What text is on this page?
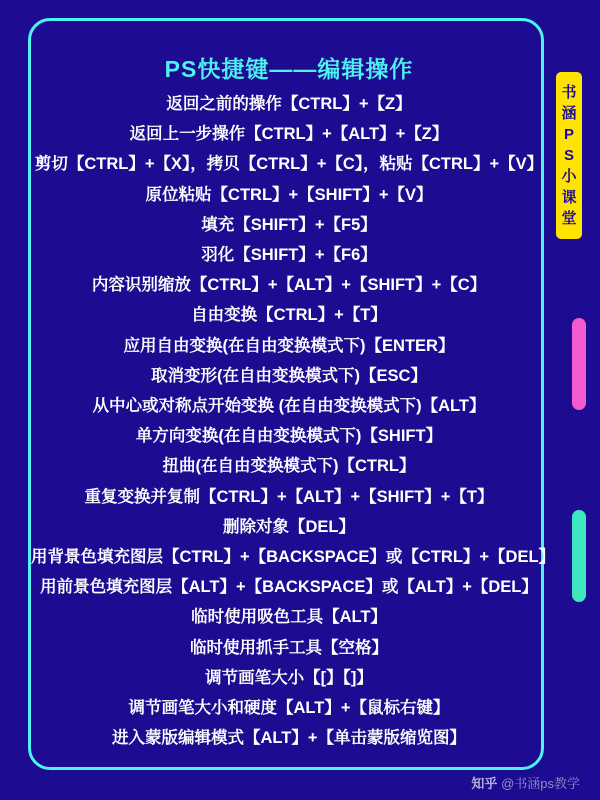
PS快捷键——编辑操作
返回之前的操作【CTRL】+【Z】
返回上一步操作【CTRL】+【ALT】+【Z】
剪切【CTRL】+【X】，拷贝【CTRL】+【C】，粘贴【CTRL】+【V】
原位粘贴【CTRL】+【SHIFT】+【V】
填充【SHIFT】+【F5】
羽化【SHIFT】+【F6】
内容识别缩放【CTRL】+【ALT】+【SHIFT】+【C】
自由变换【CTRL】+【T】
应用自由变换(在自由变换模式下)【ENTER】
取消变形(在自由变换模式下)【ESC】
从中心或对称点开始变换 (在自由变换模式下)【ALT】
单方向变换(在自由变换模式下)【SHIFT】
扭曲(在自由变换模式下)【CTRL】
重复变换并复制【CTRL】+【ALT】+【SHIFT】+【T】
删除对象【DEL】
用背景色填充图层【CTRL】+【BACKSPACE】或【CTRL】+【DEL】
用前景色填充图层【ALT】+【BACKSPACE】或【ALT】+【DEL】
临时使用吸色工具【ALT】
临时使用抓手工具【空格】
调节画笔大小【[】【]】
调节画笔大小和硬度【ALT】+【鼠标右键】
进入蒙版编辑模式【ALT】+【单击蒙版缩览图】
书
涵
P
S
小
课
堂
知乎 @书涵ps教学
